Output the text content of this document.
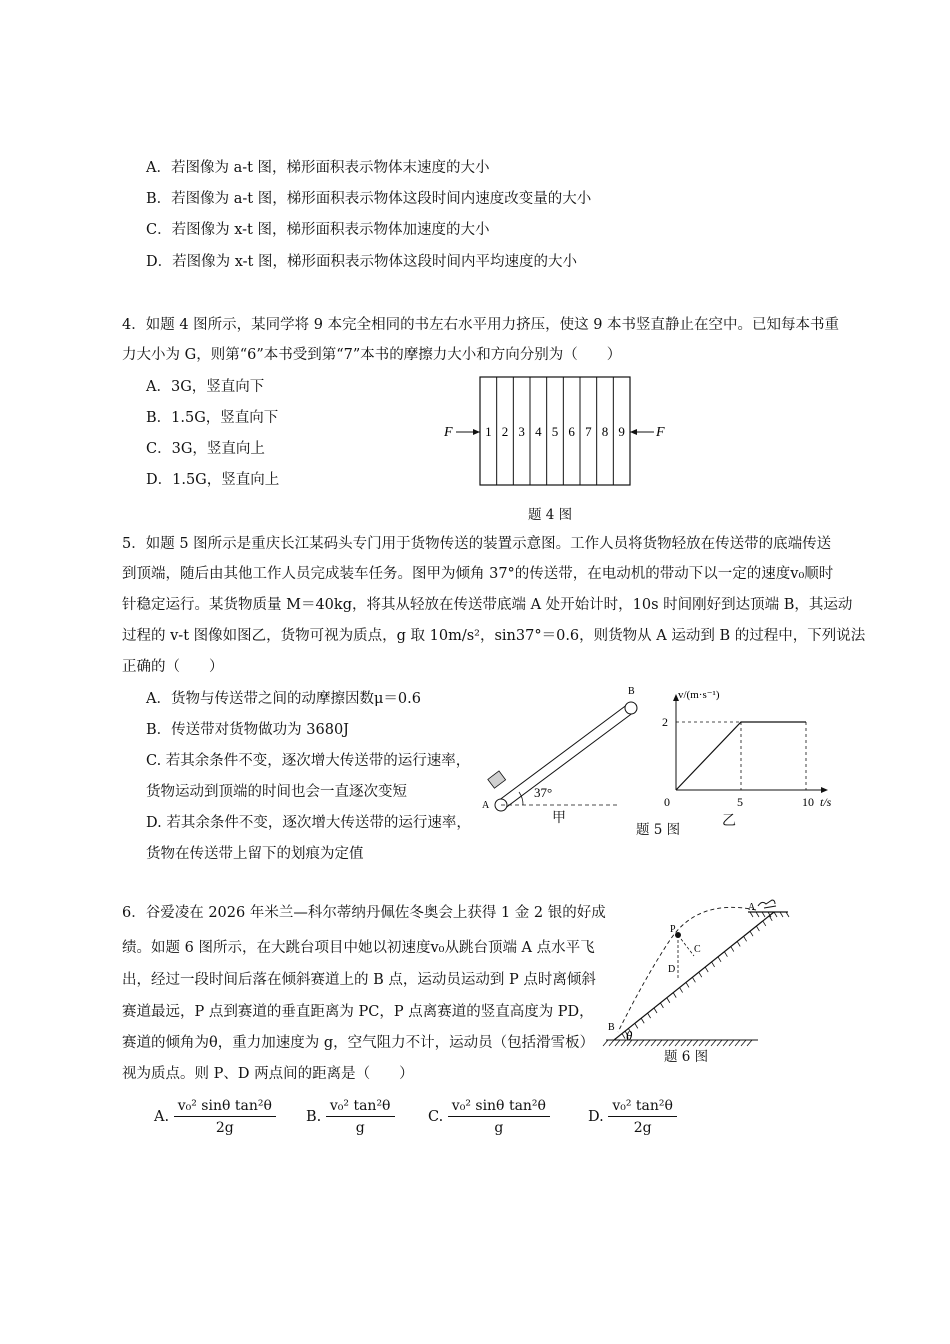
A．若图像为 a-t 图，梯形面积表示物体末速度的大小
B．若图像为 a-t 图，梯形面积表示物体这段时间内速度改变量的大小
C．若图像为 x-t 图，梯形面积表示物体加速度的大小
D．若图像为 x-t 图，梯形面积表示物体这段时间内平均速度的大小
4．如题 4 图所示，某同学将 9 本完全相同的书左右水平用力挤压，使这 9 本书竖直静止在空中。已知每本书重
力大小为 G，则第“6”本书受到第“7”本书的摩擦力大小和方向分别为（　　）
A．3G，竖直向下
B．1.5G，竖直向下
C．3G，竖直向上
D．1.5G，竖直向上
1 2 3 4 5 6 7 8 9
F	F
题 4 图
5．如题 5 图所示是重庆长江某码头专门用于货物传送的装置示意图。工作人员将货物轻放在传送带的底端传送
到顶端，随后由其他工作人员完成装车任务。图甲为倾角 37°的传送带，在电动机的带动下以一定的速度v₀顺时
针稳定运行。某货物质量 M＝40kg，将其从轻放在传送带底端 A 处开始计时，10s 时间刚好到达顶端 B，其运动
过程的 v-t 图像如图乙，货物可视为质点，g 取 10m/s²，sin37°＝0.6，则货物从 A 运动到 B 的过程中，下列说法
正确的（　　）
A．货物与传送带之间的动摩擦因数μ＝0.6
B．传送带对货物做功为 3680J
C. 若其余条件不变，逐次增大传送带的运行速率，
货物运动到顶端的时间也会一直逐次变短
D. 若其余条件不变，逐次增大传送带的运行速率，
货物在传送带上留下的划痕为定值
37°
A
B
甲
t/s
v/(m·s⁻¹)
0	5	10
2
题 5 图
乙
6．谷爱凌在 2026 年米兰—科尔蒂纳丹佩佐冬奥会上获得 1 金 2 银的好成
绩。如题 6 图所示，在大跳台项目中她以初速度v₀从跳台顶端 A 点水平飞
出，经过一段时间后落在倾斜赛道上的 B 点，运动员运动到 P 点时离倾斜
赛道最远，P 点到赛道的垂直距离为 PC，P 点离赛道的竖直高度为 PD，
赛道的倾角为θ，重力加速度为 g，空气阻力不计，运动员（包括滑雪板）
视为质点。则 P、D 两点间的距离是（　　）
P
C
D
A
B
θ
题 6 图
A. $\frac{\text{v₀² sinθ tan²θ}}{2g} B$. $\frac{\text{v₀² tan²θ}}{g} C$. $\frac{\text{v₀² sinθ tan²θ}}{g}$	D. $\frac{\text{v₀² tan²θ}}{2g}$
